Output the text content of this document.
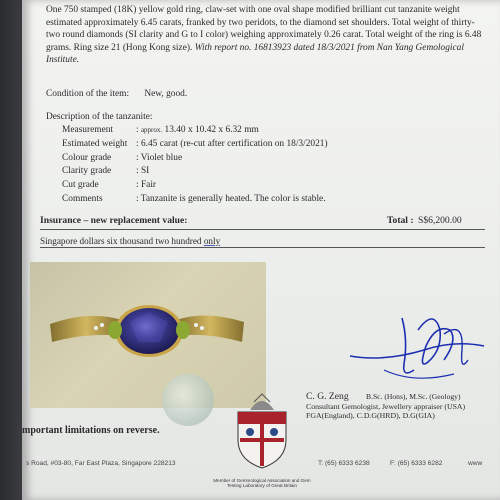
One 750 stamped (18K) yellow gold ring, claw-set with one oval shape modified brilliant cut tanzanite weight estimated approximately 6.45 carats, franked by two peridots, to the diamond set shoulders. Total weight of thirty-two round diamonds (SI clarity and G to I color) weighing approximately 0.26 carat. Total weight of the ring is 6.48 grams. Ring size 21 (Hong Kong size). With report no. 16813923 dated 18/3/2021 from Nan Yang Gemological Institute.
Condition of the item: New, good.
Description of the tanzanite:
Measurement	: approx. 13.40 x 10.42 x 6.32 mm
Estimated weight : 6.45 carat (re-cut after certification on 18/3/2021)
Colour grade	: Violet blue
Clarity grade	: SI
Cut grade	: Fair
Comments	: Tanzanite is generally heated. The color is stable.
Insurance – new replacement value:	Total : S$6,200.00
Singapore dollars six thousand two hundred only
mportant limitations on reverse.
Member of Gemmological Association and Gem Testing Laboratory of Great Britain
C. G. Zeng	B.Sc. (Hons), M.Sc. (Geology)
Consultant Gemologist, Jewellery appraiser (USA)
FGA(England), C.D.G(HRD), D.G(GIA)
s Road, #03-80, Far East Plaza, Singapore 228213	T: (65) 6333 6238	F: (65) 6333 6282	www
